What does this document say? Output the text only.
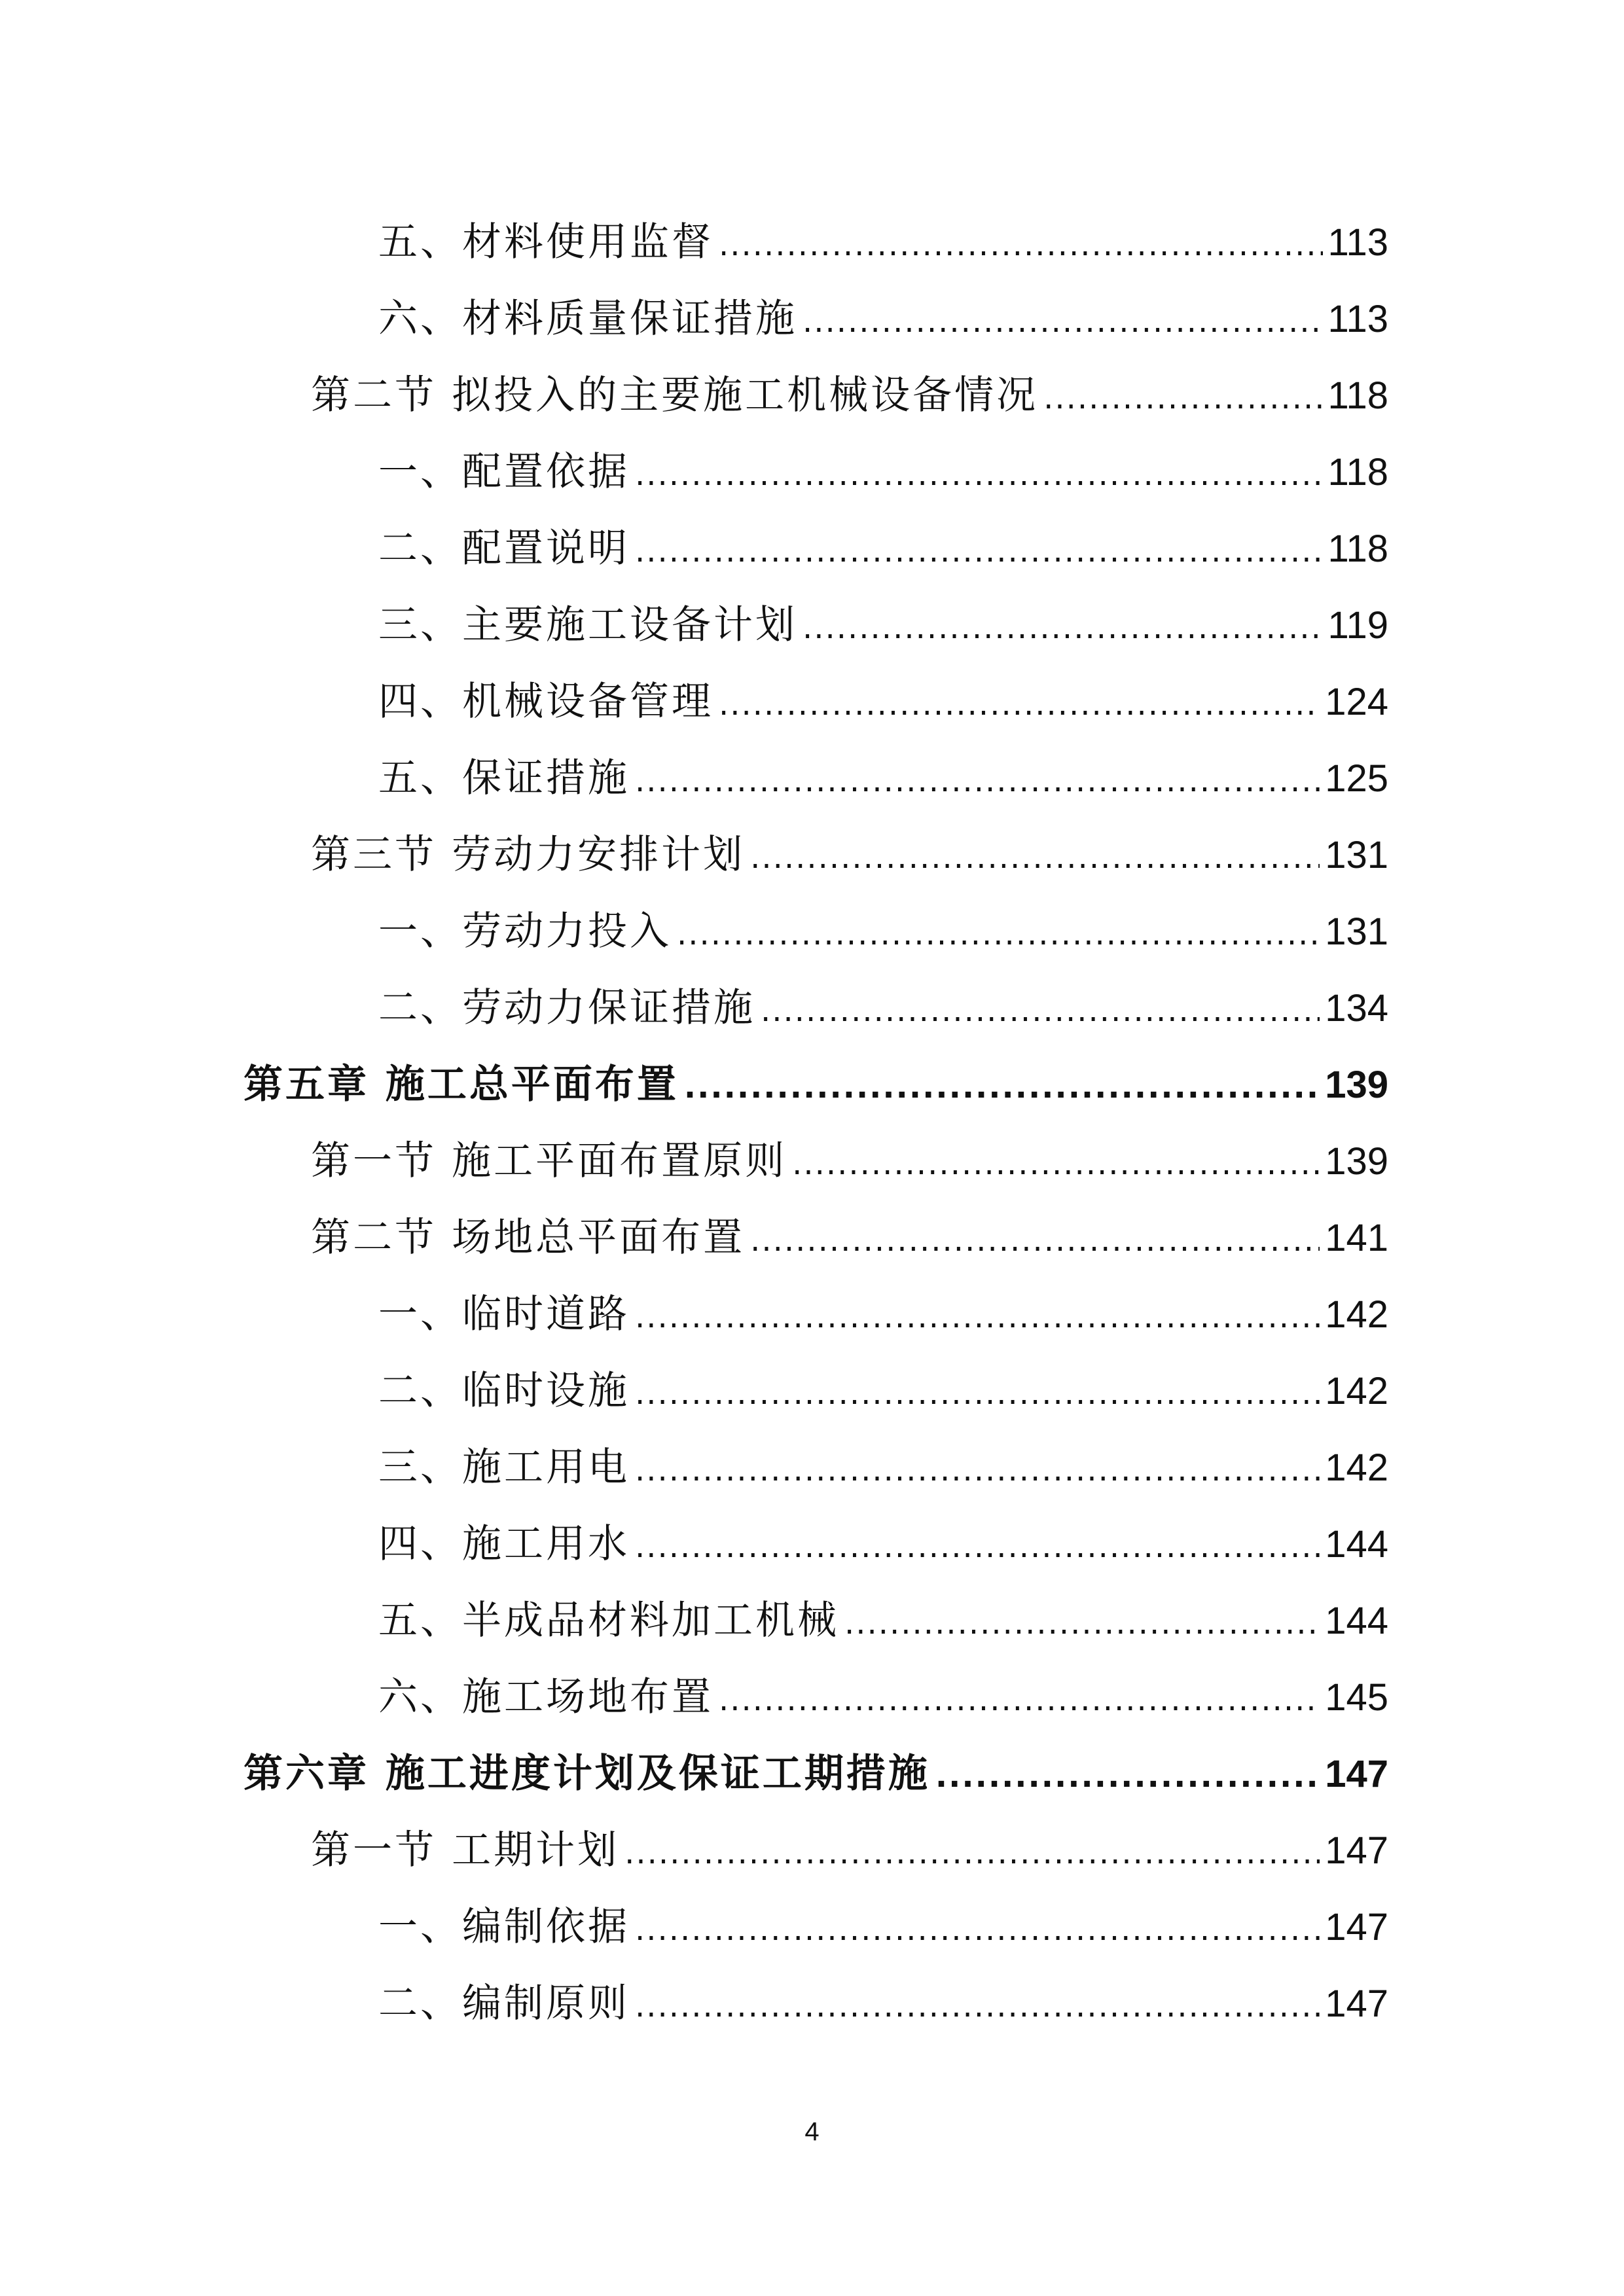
五、材料使用监督 .....	113
六、材料质量保证措施 .....	113
第二节 拟投入的主要施工机械设备情况 .....	118
一、配置依据 .....	118
二、配置说明 .....	118
三、主要施工设备计划 .....	119
四、机械设备管理 .....	124
五、保证措施 .....	125
第三节 劳动力安排计划 .....	131
一、劳动力投入 .....	131
二、劳动力保证措施 .....	134
第五章 施工总平面布置 .....	139
第一节 施工平面布置原则 .....	139
第二节 场地总平面布置 .....	141
一、临时道路 .....	142
二、临时设施 .....	142
三、施工用电 .....	142
四、施工用水 .....	144
五、半成品材料加工机械 .....	144
六、施工场地布置 .....	145
第六章 施工进度计划及保证工期措施 .....	147
第一节 工期计划 .....	147
一、编制依据 .....	147
二、编制原则 .....	147
4
